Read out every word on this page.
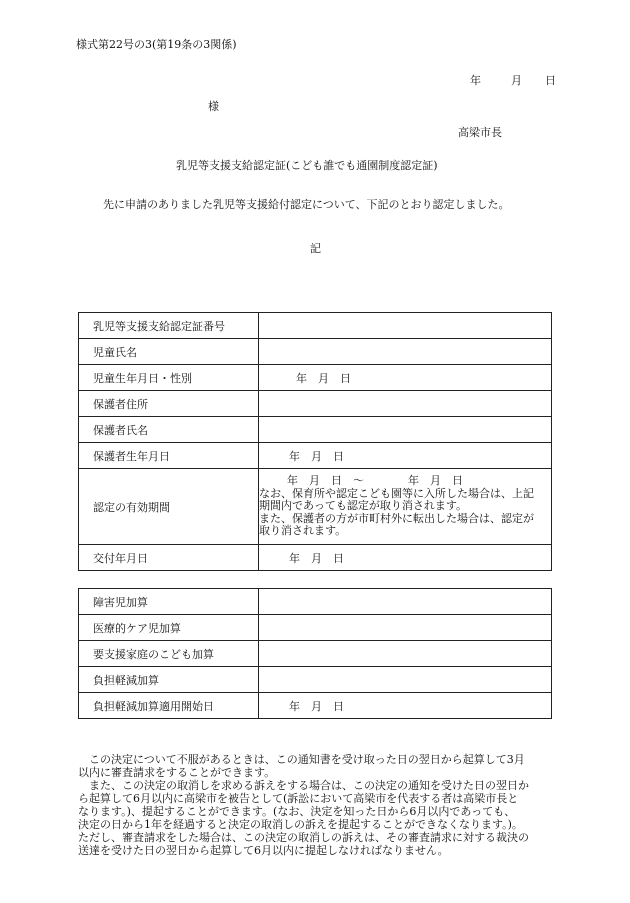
様式第22号の3(第19条の3関係)
年	月 日
様
高梁市長
乳児等支援支給認定証(こども誰でも通園制度認定証)
先に申請のありました乳児等支援給付認定について、下記のとおり認定しました。
記
乳児等支援支給認定証番号	
児童氏名	
児童生年月日・性別	年　月　日
保護者住所	
保護者氏名	
保護者生年月日	年　月　日
認定の有効期間	年　月　日　～　　　　年　月　日
なお、保育所や認定こども園等に入所した場合は、上記
期間内であっても認定が取り消されます。
また、保護者の方が市町村外に転出した場合は、認定が
取り消されます。

交付年月日	年　月　日
障害児加算	
医療的ケア児加算	
要支援家庭のこども加算	
負担軽減加算	
負担軽減加算適用開始日	年　月　日
　この決定について不服があるときは、この通知書を受け取った日の翌日から起算して3月
以内に審査請求をすることができます。
　また、この決定の取消しを求める訴えをする場合は、この決定の通知を受けた日の翌日か
ら起算して6月以内に高梁市を被告として(訴訟において高梁市を代表する者は高梁市長と
なります。)、提起することができます。(なお、決定を知った日から6月以内であっても、
決定の日から1年を経過すると決定の取消しの訴えを提起することができなくなります。)。
ただし、審査請求をした場合は、この決定の取消しの訴えは、その審査請求に対する裁決の
送達を受けた日の翌日から起算して6月以内に提起しなければなりません。
